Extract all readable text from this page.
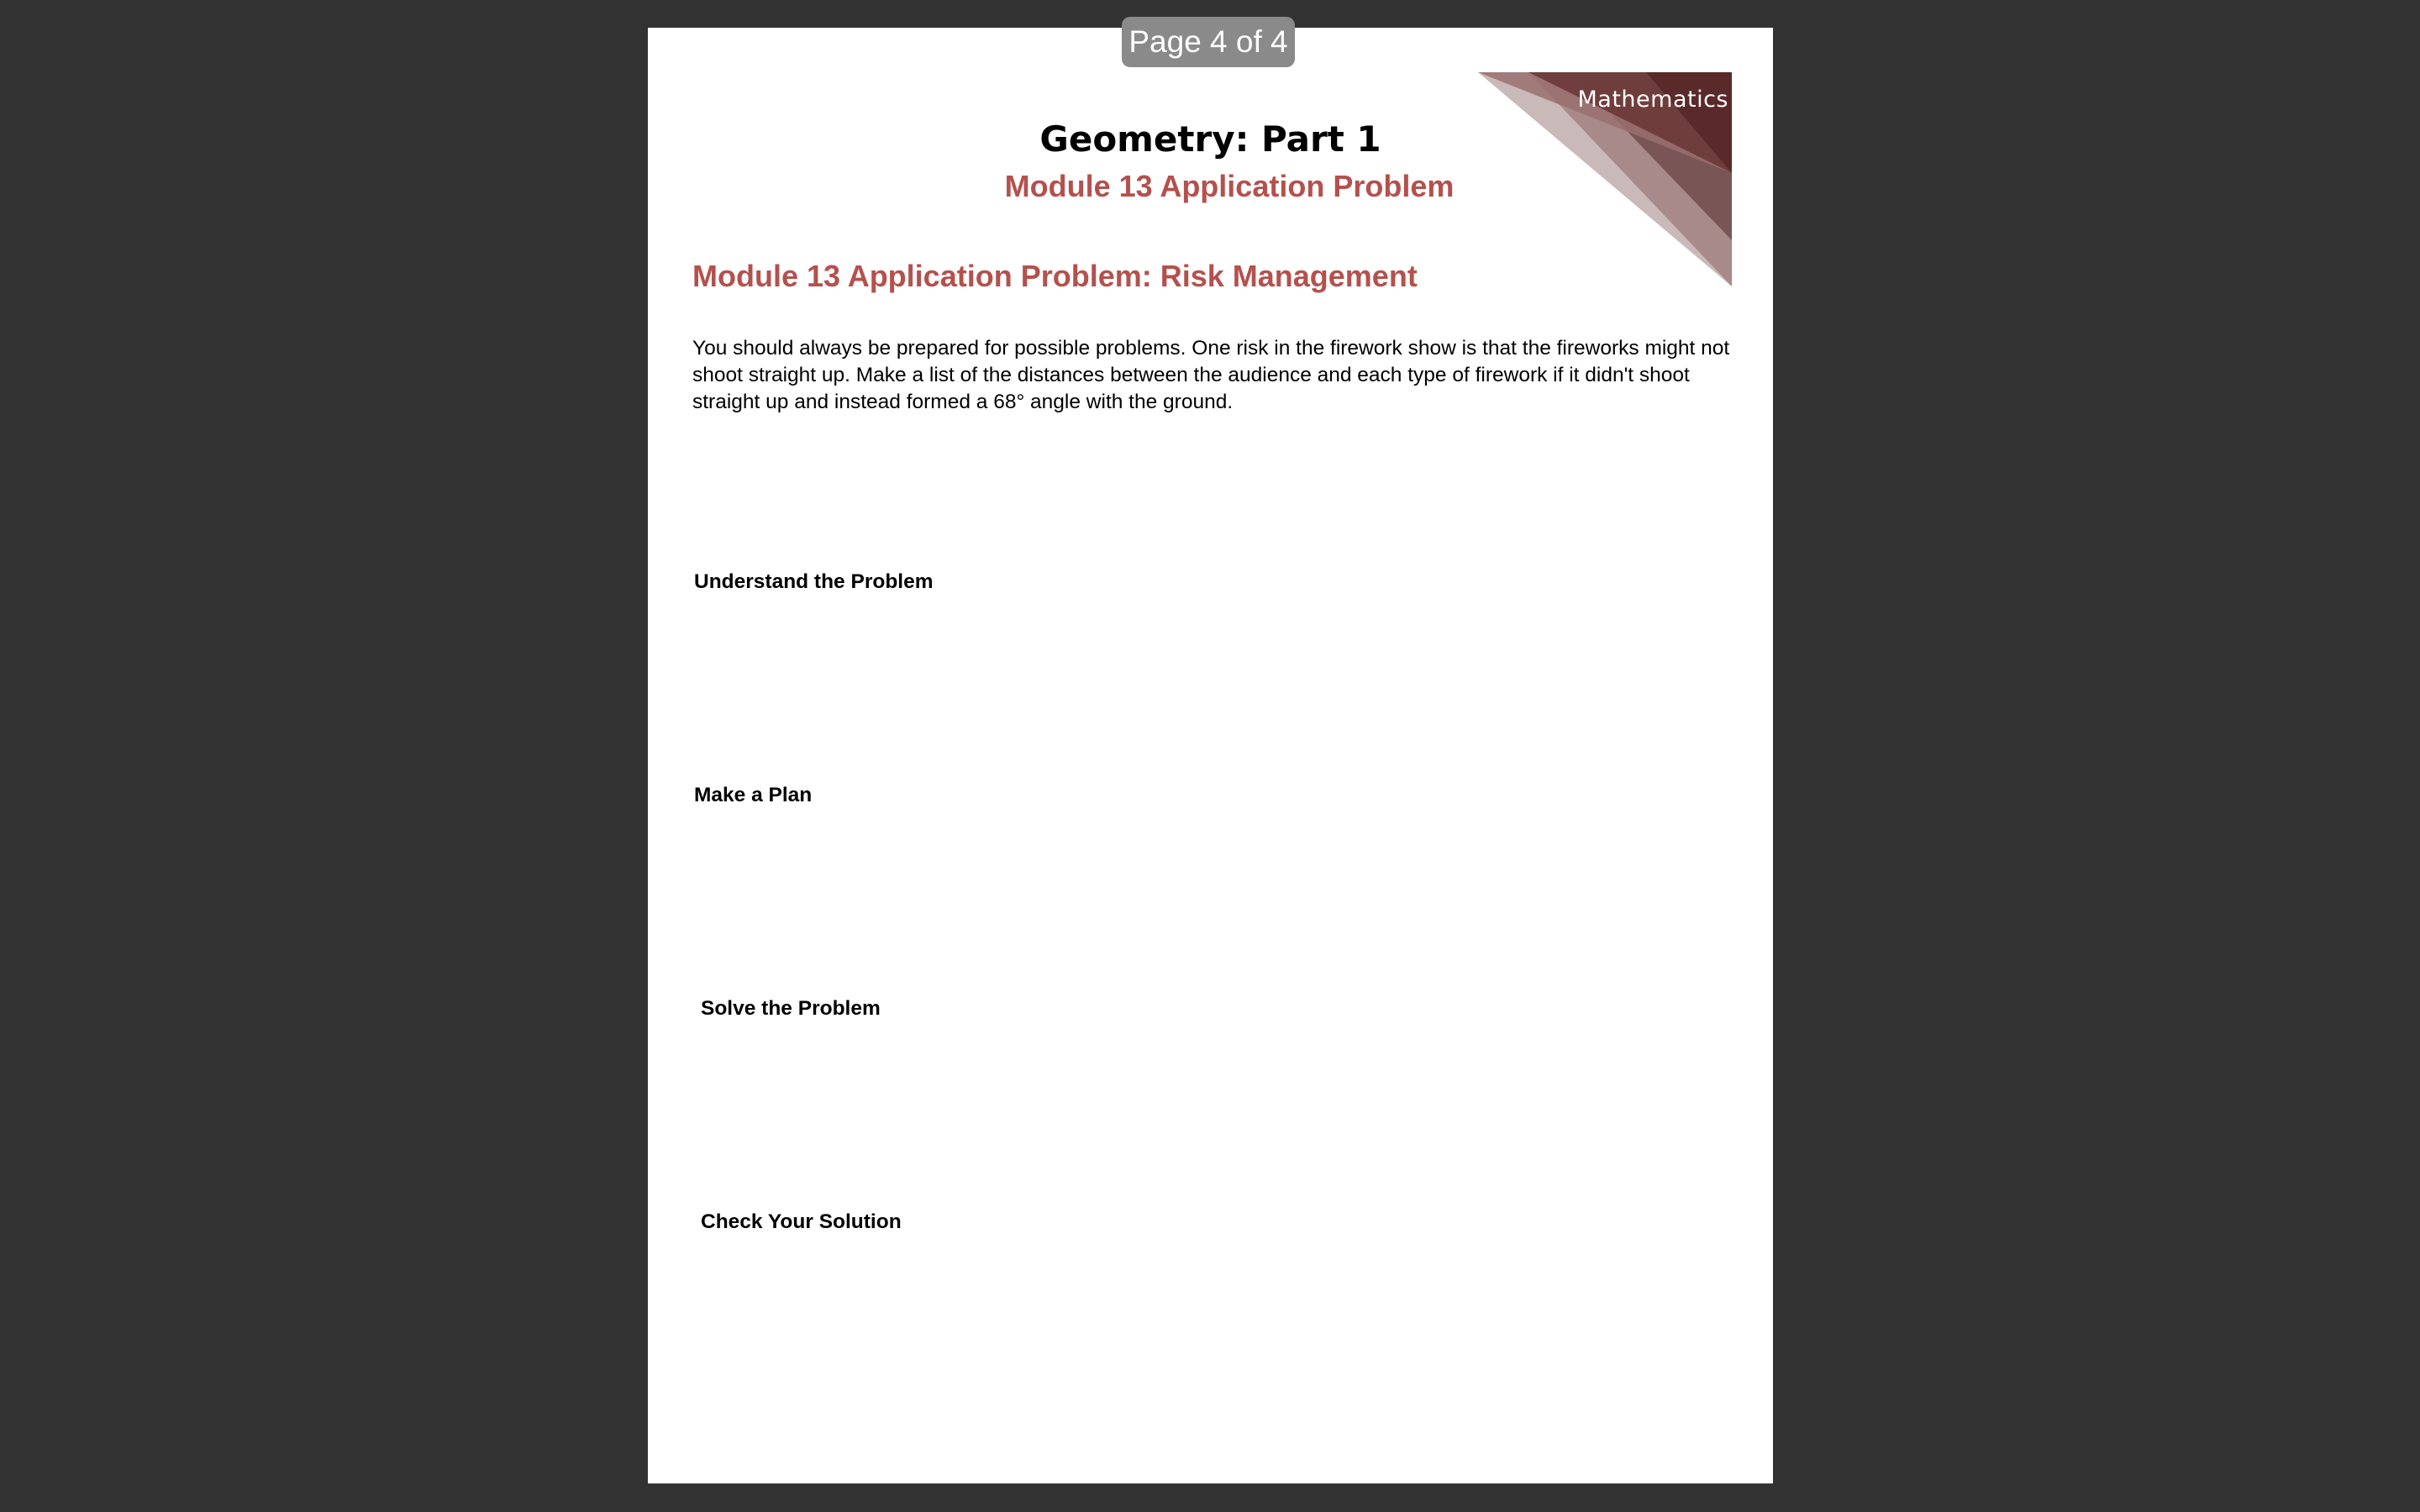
Page 4 of 4
Mathematics
Geometry: Part 1
Module 13 Application Problem
Module 13 Application Problem: Risk Management
You should always be prepared for possible problems. One risk in the firework show is that the fireworks might not shoot straight up. Make a list of the distances between the audience and each type of firework if it didn't shoot straight up and instead formed a 68° angle with the ground.
Understand the Problem
Make a Plan
Solve the Problem
Check Your Solution
